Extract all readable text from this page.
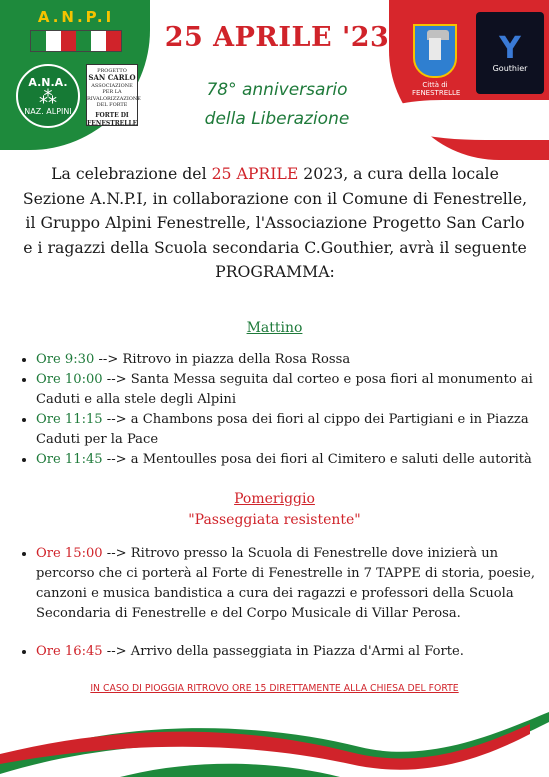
A.N.P.I
A.N.A.
⁂
NAZ. ALPINI
PROGETTO
SAN CARLO
ASSOCIAZIONE PER LA RIVALORIZZAZIONE DEL FORTE
FORTE DI FENESTRELLE
Città di FENESTRELLE
Y
Gouthier
25 APRILE '23
78° anniversario
della Liberazione
La celebrazione del 25 APRILE 2023, a cura della locale Sezione A.N.P.I, in collaborazione con il Comune di Fenestrelle, il Gruppo Alpini Fenestrelle, l'Associazione Progetto San Carlo e i ragazzi della Scuola secondaria C.Gouthier, avrà il seguente
PROGRAMMA:
Mattino
• Ore 9:30 --> Ritrovo in piazza della Rosa Rossa
• Ore 10:00 --> Santa Messa seguita dal corteo e posa fiori al monumento ai Caduti e alla stele degli Alpini
• Ore 11:15 --> a Chambons posa dei fiori al cippo dei Partigiani e in Piazza Caduti per la Pace
• Ore 11:45 --> a Mentoulles posa dei fiori al Cimitero e saluti delle autorità
Pomeriggio
"Passeggiata resistente"
• Ore 15:00 --> Ritrovo presso la Scuola di Fenestrelle dove inizierà un percorso che ci porterà al Forte di Fenestrelle in 7 TAPPE di storia, poesie, canzoni e musica bandistica a cura dei ragazzi e professori della Scuola Secondaria di Fenestrelle e del Corpo Musicale di Villar Perosa.
• Ore 16:45 --> Arrivo della passeggiata in Piazza d'Armi al Forte.
IN CASO DI PIOGGIA RITROVO ORE 15 DIRETTAMENTE ALLA CHIESA DEL FORTE
